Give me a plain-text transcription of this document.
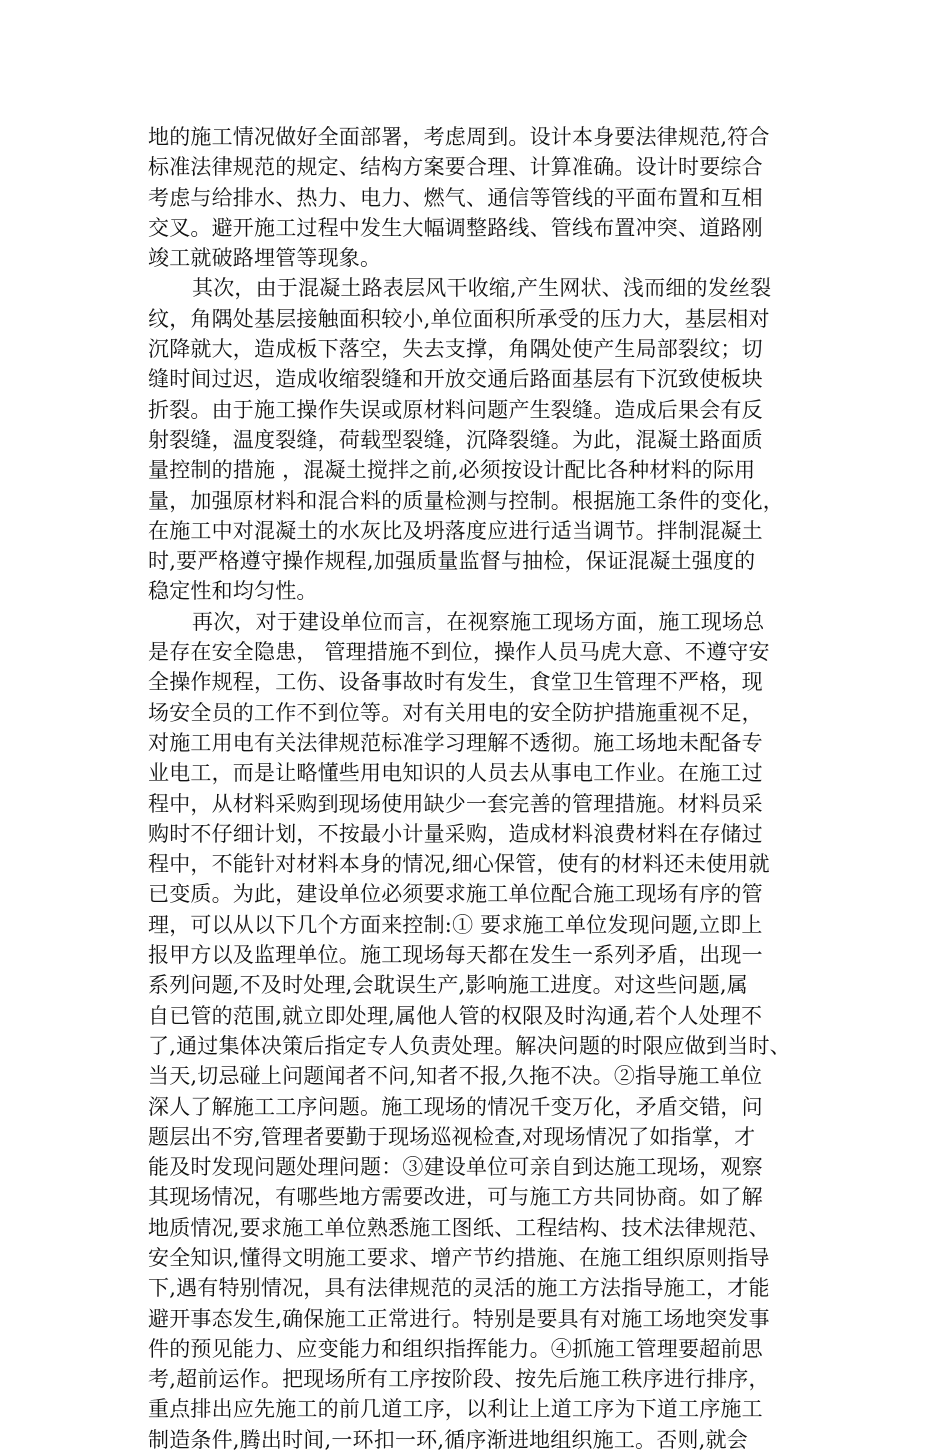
地的施工情况做好全面部署，考虑周到。设计本身要法律规范,符合
标准法律规范的规定、结构方案要合理、计算准确。设计时要综合
考虑与给排水、热力、电力、燃气、通信等管线的平面布置和互相
交叉。避开施工过程中发生大幅调整路线、管线布置冲突、道路刚
竣工就破路埋管等现象。
其次，由于混凝土路表层风干收缩,产生网状、浅而细的发丝裂
纹，角隅处基层接触面积较小,单位面积所承受的压力大，基层相对
沉降就大，造成板下落空，失去支撑，角隅处使产生局部裂纹；切
缝时间过迟，造成收缩裂缝和开放交通后路面基层有下沉致使板块
折裂。由于施工操作失误或原材料问题产生裂缝。造成后果会有反
射裂缝，温度裂缝，荷载型裂缝，沉降裂缝。为此，混凝土路面质
量控制的措施 ，混凝土搅拌之前,必须按设计配比各种材料的际用
量，加强原材料和混合料的质量检测与控制。根据施工条件的变化，
在施工中对混凝土的水灰比及坍落度应进行适当调节。拌制混凝土
时,要严格遵守操作规程,加强质量监督与抽检，保证混凝土强度的
稳定性和均匀性。
再次，对于建设单位而言，在视察施工现场方面，施工现场总
是存在安全隐患， 管理措施不到位，操作人员马虎大意、不遵守安
全操作规程，工伤、设备事故时有发生，食堂卫生管理不严格，现
场安全员的工作不到位等。对有关用电的安全防护措施重视不足，
对施工用电有关法律规范标准学习理解不透彻。施工场地未配备专
业电工，而是让略懂些用电知识的人员去从事电工作业。在施工过
程中，从材料采购到现场使用缺少一套完善的管理措施。材料员采
购时不仔细计划，不按最小计量采购，造成材料浪费材料在存储过
程中，不能针对材料本身的情况,细心保管，使有的材料还未使用就
已变质。为此，建设单位必须要求施工单位配合施工现场有序的管
理，可以从以下几个方面来控制:① 要求施工单位发现问题,立即上
报甲方以及监理单位。施工现场每天都在发生一系列矛盾，出现一
系列问题,不及时处理,会耽误生产,影响施工进度。对这些问题,属
自已管的范围,就立即处理,属他人管的权限及时沟通,若个人处理不
了,通过集体决策后指定专人负责处理。解决问题的时限应做到当时、
当天,切忌碰上问题闻者不问,知者不报,久拖不决。②指导施工单位
深人了解施工工序问题。施工现场的情况千变万化，矛盾交错，问
题层出不穷,管理者要勤于现场巡视检查,对现场情况了如指掌，才
能及时发现问题处理问题：③建设单位可亲自到达施工现场，观察
其现场情况，有哪些地方需要改进，可与施工方共同协商。如了解
地质情况,要求施工单位熟悉施工图纸、工程结构、技术法律规范、
安全知识,懂得文明施工要求、增产节约措施、在施工组织原则指导
下,遇有特别情况，具有法律规范的灵活的施工方法指导施工，才能
避开事态发生,确保施工正常进行。特别是要具有对施工场地突发事
件的预见能力、应变能力和组织指挥能力。④抓施工管理要超前思
考,超前运作。把现场所有工序按阶段、按先后施工秩序进行排序，
重点排出应先施工的前几道工序，以利让上道工序为下道工序施工
制造条件,腾出时间,一环扣一环,循序渐进地组织施工。否则,就会
